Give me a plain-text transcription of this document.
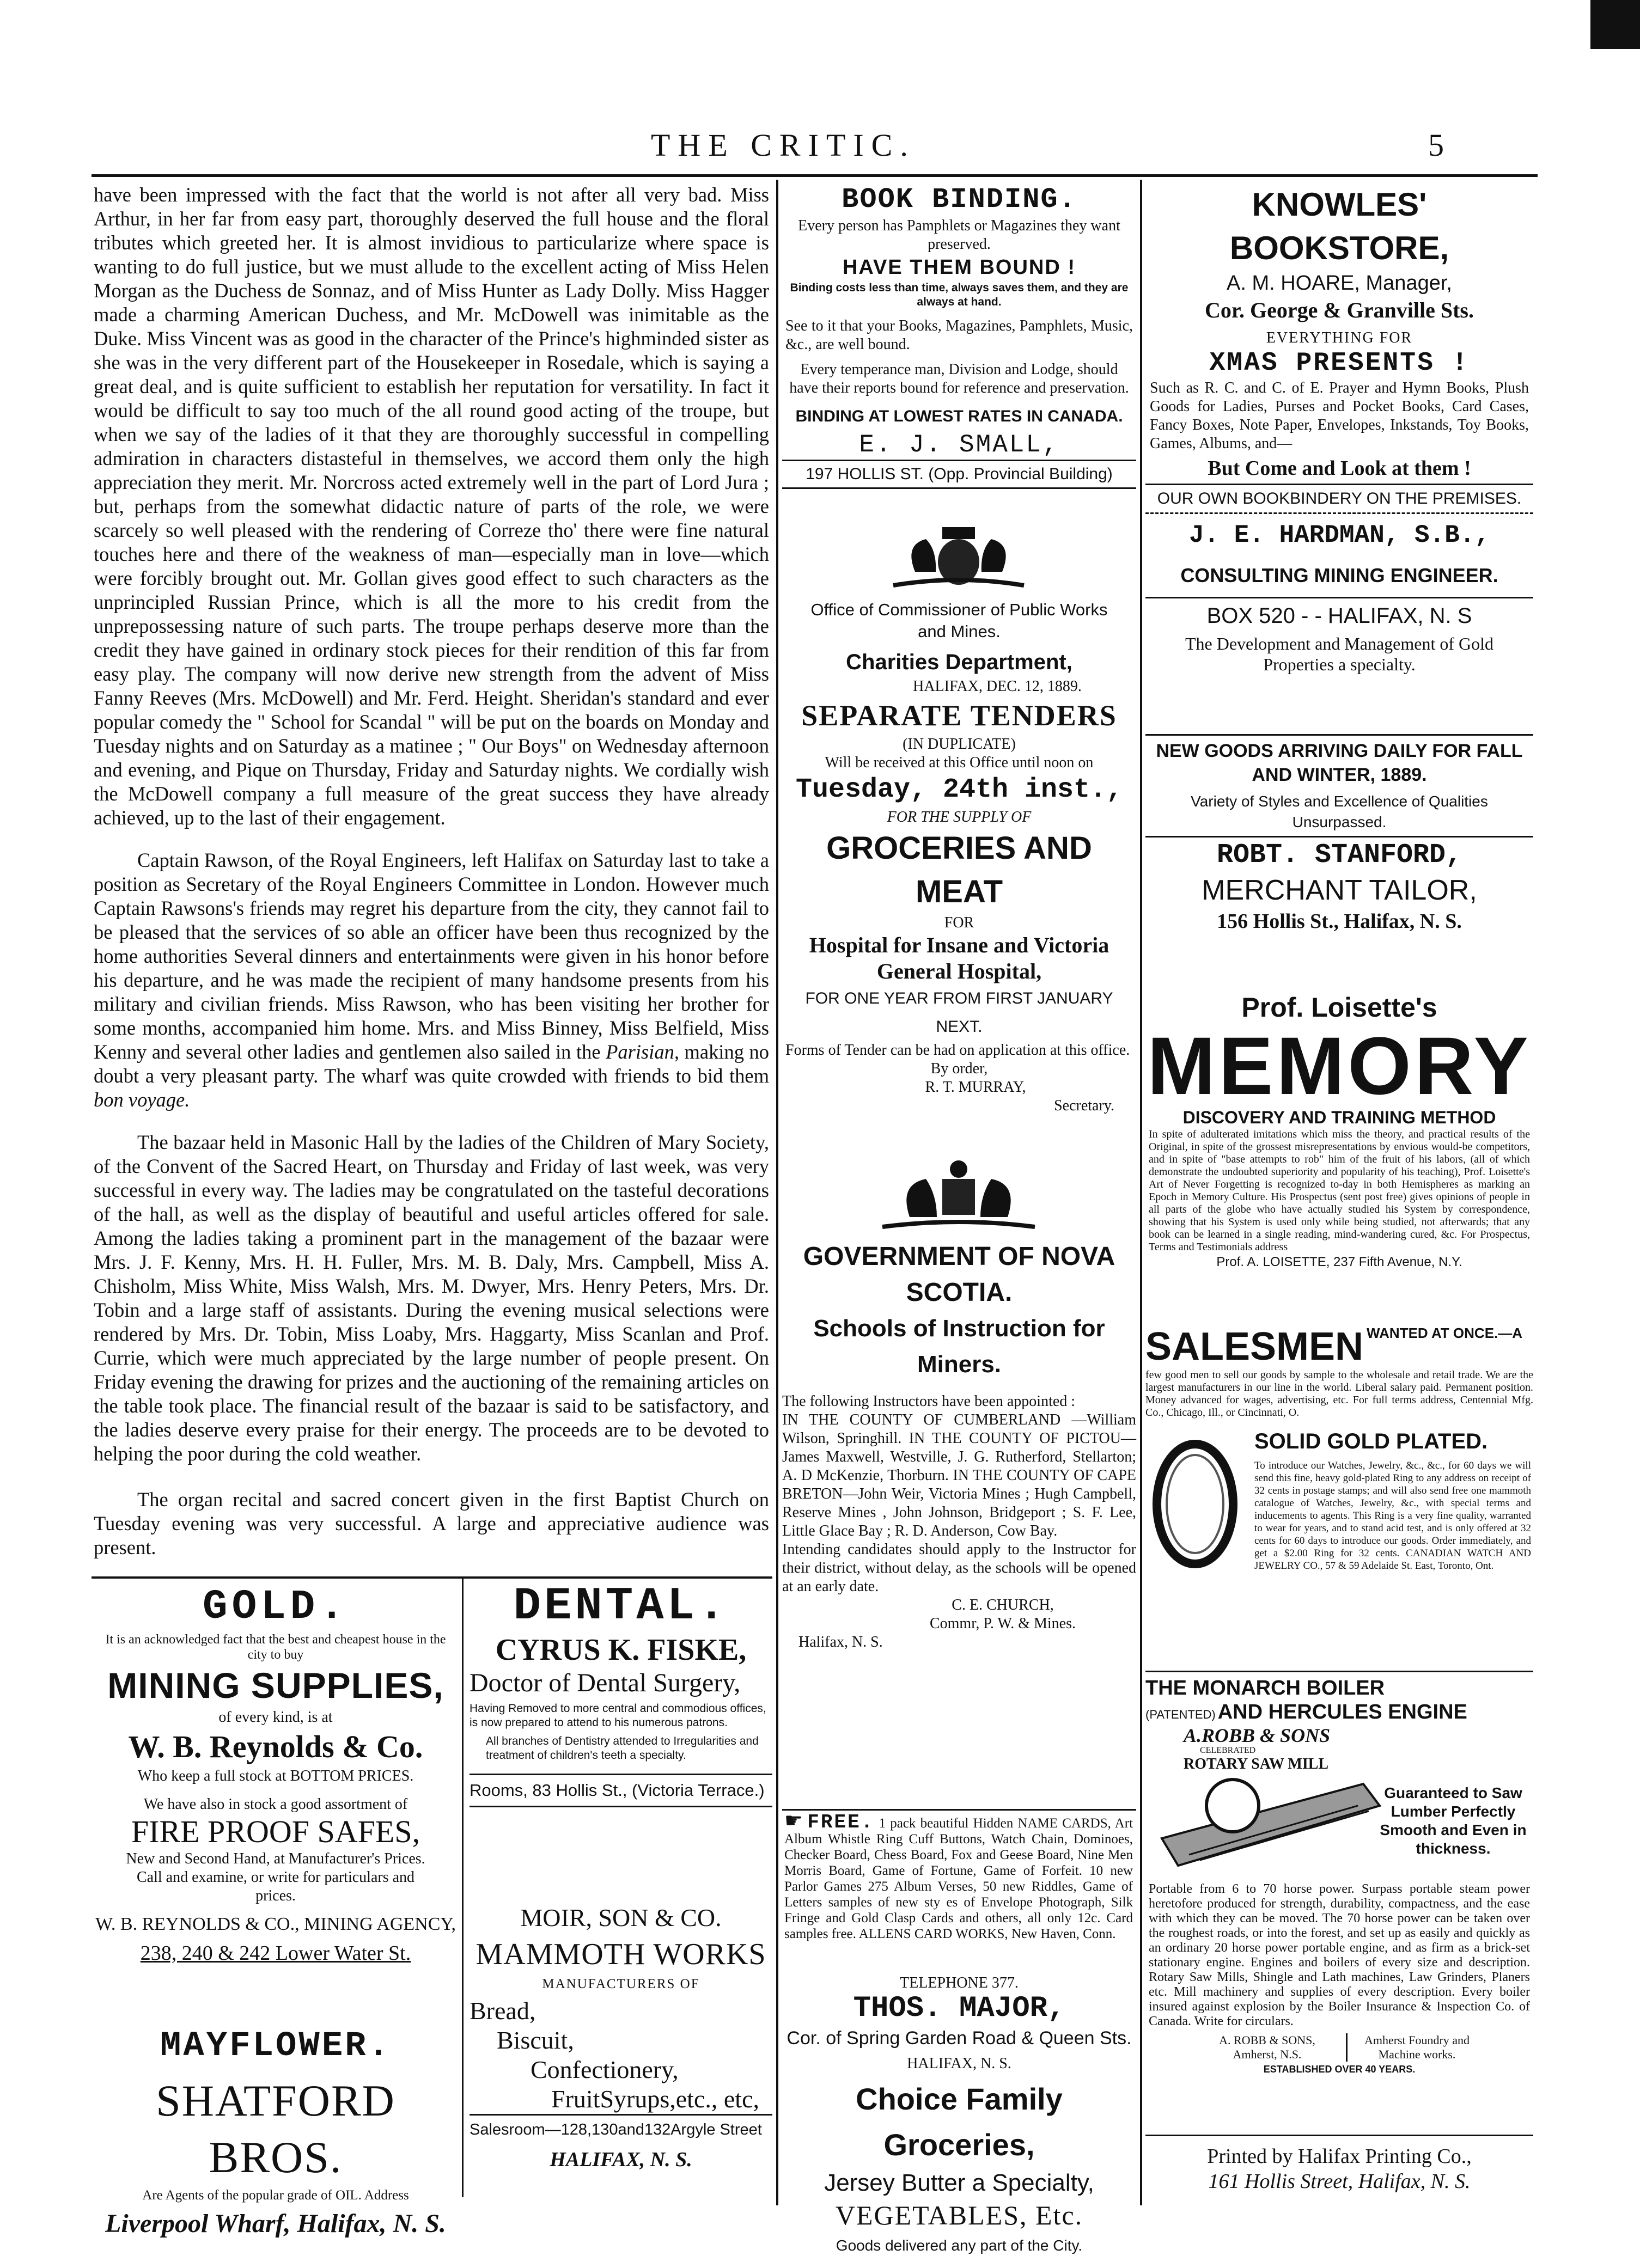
THE CRITIC.	5

have been impressed with the fact that the world is not after all very bad. Miss Arthur, in her far from easy part, thoroughly deserved the full house and the floral tributes which greeted her. It is almost invidious to particularize where space is wanting to do full justice, but we must allude to the excellent acting of Miss Helen Morgan as the Duchess de Sonnaz, and of Miss Hunter as Lady Dolly. Miss Hagger made a charming American Duchess, and Mr. McDowell was inimitable as the Duke. Miss Vincent was as good in the character of the Prince's highminded sister as she was in the very different part of the Housekeeper in Rosedale, which is saying a great deal, and is quite sufficient to establish her reputation for versatility. In fact it would be difficult to say too much of the all round good acting of the troupe, but when we say of the ladies of it that they are thoroughly successful in compelling admiration in characters distasteful in themselves, we accord them only the high appreciation they merit. Mr. Norcross acted extremely well in the part of Lord Jura ; but, perhaps from the somewhat didactic nature of parts of the role, we were scarcely so well pleased with the rendering of Correze tho' there were fine natural touches here and there of the weakness of man—especially man in love—which were forcibly brought out. Mr. Gollan gives good effect to such characters as the unprincipled Russian Prince, which is all the more to his credit from the unprepossessing nature of such parts. The troupe perhaps deserve more than the credit they have gained in ordinary stock pieces for their rendition of this far from easy play. The company will now derive new strength from the advent of Miss Fanny Reeves (Mrs. McDowell) and Mr. Ferd. Height. Sheridan's standard and ever popular comedy the " School for Scandal " will be put on the boards on Monday and Tuesday nights and on Saturday as a matinee ; " Our Boys" on Wednesday afternoon and evening, and Pique on Thursday, Friday and Saturday nights. We cordially wish the McDowell company a full measure of the great success they have already achieved, up to the last of their engagement.

Captain Rawson, of the Royal Engineers, left Halifax on Saturday last to take a position as Secretary of the Royal Engineers Committee in London. However much Captain Rawsons's friends may regret his departure from the city, they cannot fail to be pleased that the services of so able an officer have been thus recognized by the home authorities Several dinners and entertainments were given in his honor before his departure, and he was made the recipient of many handsome presents from his military and civilian friends. Miss Rawson, who has been visiting her brother for some months, accompanied him home. Mrs. and Miss Binney, Miss Belfield, Miss Kenny and several other ladies and gentlemen also sailed in the Parisian, making no doubt a very pleasant party. The wharf was quite crowded with friends to bid them bon voyage.

The bazaar held in Masonic Hall by the ladies of the Children of Mary Society, of the Convent of the Sacred Heart, on Thursday and Friday of last week, was very successful in every way. The ladies may be congratulated on the tasteful decorations of the hall, as well as the display of beautiful and useful articles offered for sale. Among the ladies taking a prominent part in the management of the bazaar were Mrs. J. F. Kenny, Mrs. H. H. Fuller, Mrs. M. B. Daly, Mrs. Campbell, Miss A. Chisholm, Miss White, Miss Walsh, Mrs. M. Dwyer, Mrs. Henry Peters, Mrs. Dr. Tobin and a large staff of assistants. During the evening musical selections were rendered by Mrs. Dr. Tobin, Miss Loaby, Mrs. Haggarty, Miss Scanlan and Prof. Currie, which were much appreciated by the large number of people present. On Friday evening the drawing for prizes and the auctioning of the remaining articles on the table took place. The financial result of the bazaar is said to be satisfactory, and the ladies deserve every praise for their energy. The proceeds are to be devoted to helping the poor during the cold weather.

The organ recital and sacred concert given in the first Baptist Church on Tuesday evening was very successful. A large and appreciative audience was present.

GOLD.
It is an acknowledged fact that the best and cheapest house in the city to buy
MINING SUPPLIES,
of every kind, is at
W. B. Reynolds & Co.
Who keep a full stock at BOTTOM PRICES.
We have also in stock a good assortment of
FIRE PROOF SAFES,
New and Second Hand, at Manufacturer's Prices. Call and examine, or write for particulars and prices.
W. B. REYNOLDS & CO., MINING AGENCY,
238, 240 & 242 Lower Water St.
MAYFLOWER.
SHATFORD BROS.
Are Agents of the popular grade of OIL. Address
Liverpool Wharf, Halifax, N. S.
DENTAL.
CYRUS K. FISKE,
Doctor of Dental Surgery,
Having Removed to more central and commodious offices, is now prepared to attend to his numerous patrons.
All branches of Dentistry attended to Irregularities and treatment of children's teeth a specialty.
Rooms, 83 Hollis St., (Victoria Terrace.)
MOIR, SON & CO.
MAMMOTH WORKS
MANUFACTURERS OF
Bread,
Biscuit,
Confectionery,
FruitSyrups,etc., etc,
Salesroom—128,130and132Argyle Street
HALIFAX, N. S.
BOOK BINDING.
Every person has Pamphlets or Magazines they want preserved.
HAVE THEM BOUND !
Binding costs less than time, always saves them, and they are always at hand.
See to it that your Books, Magazines, Pamphlets, Music, &c., are well bound.
Every temperance man, Division and Lodge, should have their reports bound for reference and preservation.
BINDING AT LOWEST RATES IN CANADA.
E. J. SMALL,
197 HOLLIS ST. (Opp. Provincial Building)
Office of Commissioner of Public Works and Mines.
Charities Department,
HALIFAX, DEC. 12, 1889.
SEPARATE TENDERS
(IN DUPLICATE)
Will be received at this Office until noon on
Tuesday, 24th inst.,
FOR THE SUPPLY OF
GROCERIES AND MEAT
FOR
Hospital for Insane and Victoria General Hospital,
FOR ONE YEAR FROM FIRST JANUARY NEXT.
Forms of Tender can be had on application at this office.
By order,
R. T. MURRAY,
Secretary.
GOVERNMENT OF NOVA SCOTIA.
Schools of Instruction for Miners.
The following Instructors have been appointed :
IN THE COUNTY OF CUMBERLAND —William Wilson, Springhill. IN THE COUNTY OF PICTOU—James Maxwell, Westville, J. G. Rutherford, Stellarton; A. D McKenzie, Thorburn. IN THE COUNTY OF CAPE BRETON—John Weir, Victoria Mines ; Hugh Campbell, Reserve Mines , John Johnson, Bridgeport ; S. F. Lee, Little Glace Bay ; R. D. Anderson, Cow Bay.
Intending candidates should apply to the Instructor for their district, without delay, as the schools will be opened at an early date.
C. E. CHURCH,
Commr, P. W. & Mines.
Halifax, N. S.
☛ FREE. 1 pack beautiful Hidden NAME CARDS, Art Album Whistle Ring Cuff Buttons, Watch Chain, Dominoes, Checker Board, Chess Board, Fox and Geese Board, Nine Men Morris Board, Game of Fortune, Game of Forfeit. 10 new Parlor Games 275 Album Verses, 50 new Riddles, Game of Letters samples of new sty es of Envelope Photograph, Silk Fringe and Gold Clasp Cards and others, all only 12c. Card samples free. ALLENS CARD WORKS, New Haven, Conn.
TELEPHONE 377.
THOS. MAJOR,
Cor. of Spring Garden Road & Queen Sts.
HALIFAX, N. S.
Choice Family Groceries,
Jersey Butter a Specialty,
VEGETABLES, Etc.
Goods delivered any part of the City.
KNOWLES' BOOKSTORE,
A. M. HOARE, Manager,
Cor. George & Granville Sts.
EVERYTHING FOR
XMAS PRESENTS !
Such as R. C. and C. of E. Prayer and Hymn Books, Plush Goods for Ladies, Purses and Pocket Books, Card Cases, Fancy Boxes, Note Paper, Envelopes, Inkstands, Toy Books, Games, Albums, and—
But Come and Look at them !
OUR OWN BOOKBINDERY ON THE PREMISES.
J. E. HARDMAN, S.B.,
CONSULTING MINING ENGINEER.
BOX 520 - - HALIFAX, N. S
The Development and Management of Gold Properties a specialty.
NEW GOODS ARRIVING DAILY FOR FALL AND WINTER, 1889.
Variety of Styles and Excellence of Qualities Unsurpassed.
ROBT. STANFORD,
MERCHANT TAILOR,
156 Hollis St., Halifax, N. S.
Prof. Loisette's
MEMORY
DISCOVERY AND TRAINING METHOD
In spite of adulterated imitations which miss the theory, and practical results of the Original, in spite of the grossest misrepresentations by envious would-be competitors, and in spite of "base attempts to rob" him of the fruit of his labors, (all of which demonstrate the undoubted superiority and popularity of his teaching), Prof. Loisette's Art of Never Forgetting is recognized to-day in both Hemispheres as marking an Epoch in Memory Culture. His Prospectus (sent post free) gives opinions of people in all parts of the globe who have actually studied his System by correspondence, showing that his System is used only while being studied, not afterwards; that any book can be learned in a single reading, mind-wandering cured, &c. For Prospectus, Terms and Testimonials address
Prof. A. LOISETTE, 237 Fifth Avenue, N.Y.
SALESMEN WANTED AT ONCE.—A
few good men to sell our goods by sample to the wholesale and retail trade. We are the largest manufacturers in our line in the world. Liberal salary paid. Permanent position. Money advanced for wages, advertising, etc. For full terms address, Centennial Mfg. Co., Chicago, Ill., or Cincinnati, O.
SOLID GOLD PLATED.
To introduce our Watches, Jewelry, &c., &c., for 60 days we will send this fine, heavy gold-plated Ring to any address on receipt of 32 cents in postage stamps; and will also send free one mammoth catalogue of Watches, Jewelry, &c., with special terms and inducements to agents. This Ring is a very fine quality, warranted to wear for years, and to stand acid test, and is only offered at 32 cents for 60 days to introduce our goods. Order immediately, and get a $2.00 Ring for 32 cents. CANADIAN WATCH AND JEWELRY CO., 57 & 59 Adelaide St. East, Toronto, Ont.
THE MONARCH BOILER
(PATENTED) AND HERCULES ENGINE
A.ROBB & SONS
CELEBRATED
ROTARY SAW MILL
Guaranteed to Saw Lumber Perfectly Smooth and Even in thickness.
Portable from 6 to 70 horse power. Surpass portable steam power heretofore produced for strength, durability, compactness, and the ease with which they can be moved. The 70 horse power can be taken over the roughest roads, or into the forest, and set up as easily and quickly as an ordinary 20 horse power portable engine, and as firm as a brick-set stationary engine. Engines and boilers of every size and description. Rotary Saw Mills, Shingle and Lath machines, Law Grinders, Planers etc. Mill machinery and supplies of every description. Every boiler insured against explosion by the Boiler Insurance & Inspection Co. of Canada. Write for circulars.
A. ROBB & SONS, Amherst, N.S.
Amherst Foundry and Machine works.
ESTABLISHED OVER 40 YEARS.
Printed by Halifax Printing Co.,
161 Hollis Street, Halifax, N. S.
